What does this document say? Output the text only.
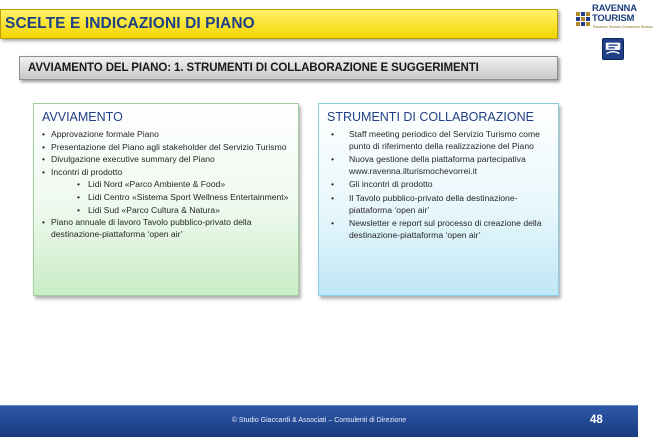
SCELTE E INDICAZIONI DI PIANO
RAVENNA
TOURISM
Ravenna Tourism Convention Bureau
AVVIAMENTO DEL PIANO: 1. STRUMENTI DI COLLABORAZIONE E SUGGERIMENTI
AVVIAMENTO
• Approvazione formale Piano
• Presentazione del Piano agli stakeholder del Servizio Turismo
• Divulgazione executive summary del Piano
• Incontri di prodotto
• Lidi Nord «Parco Ambiente & Food»
• Lidi Centro «Sistema Sport Wellness Entertainment»
• Lidi Sud «Parco Cultura & Natura»
• Piano annuale di lavoro Tavolo pubblico-privato della destinazione-piattaforma ‘open air’
STRUMENTI DI COLLABORAZIONE
• Staff meeting periodico del Servizio Turismo come punto di riferimento della realizzazione del Piano
• Nuova gestione della piattaforma partecipativa www.ravenna.ilturismochevorrei.it
• Gli incontri di prodotto
• Il Tavolo pubblico-privato della destinazione-piattaforma ‘open air’
• Newsletter e report sul processo di creazione della destinazione-piattaforma ‘open air’
© Studio Giaccardi & Associati – Consulenti di Direzione	48
